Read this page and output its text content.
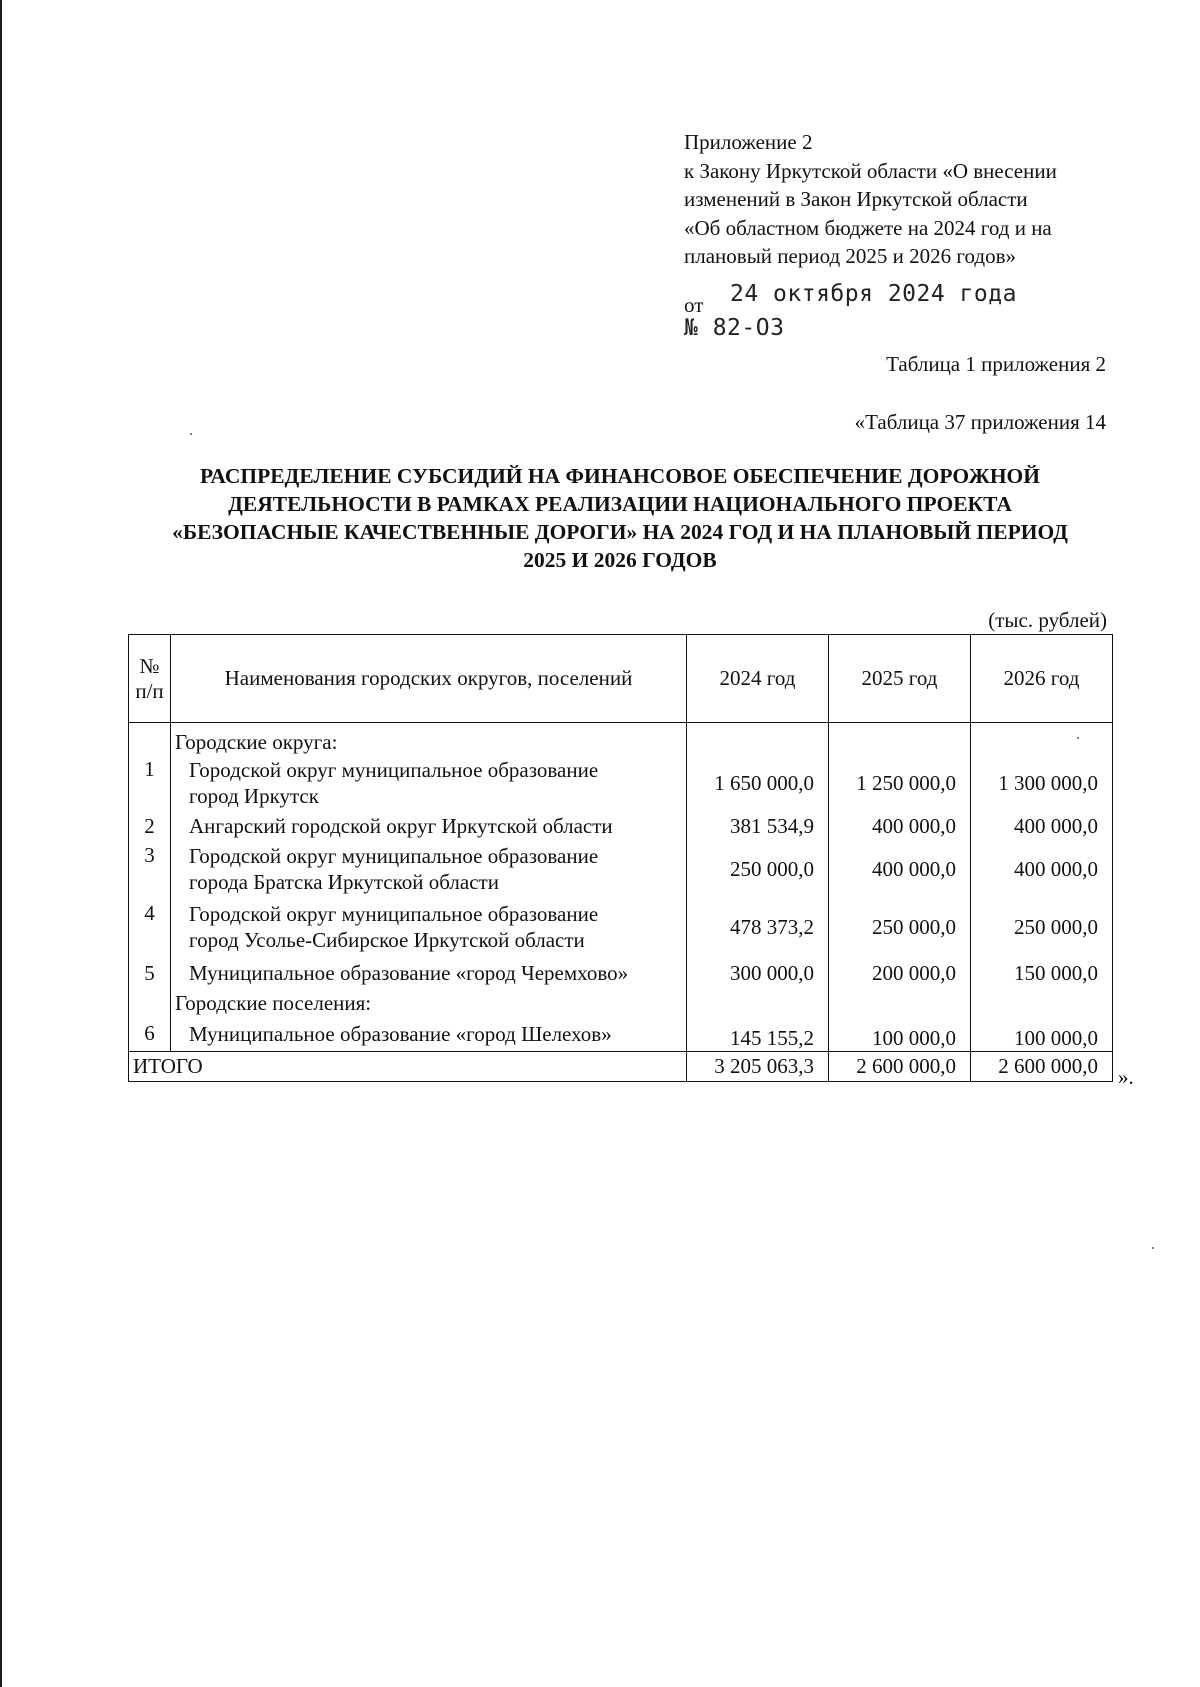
Приложение 2
к Закону Иркутской области «О внесении
изменений в Закон Иркутской области
«Об областном бюджете на 2024 год и на
плановый период 2025 и 2026 годов»
от 24 октября 2024 года
№ 82-ОЗ
Таблица 1 приложения 2
«Таблица 37 приложения 14
РАСПРЕДЕЛЕНИЕ СУБСИДИЙ НА ФИНАНСОВОЕ ОБЕСПЕЧЕНИЕ ДОРОЖНОЙ
ДЕЯТЕЛЬНОСТИ В РАМКАХ РЕАЛИЗАЦИИ НАЦИОНАЛЬНОГО ПРОЕКТА
«БЕЗОПАСНЫЕ КАЧЕСТВЕННЫЕ ДОРОГИ» НА 2024 ГОД И НА ПЛАНОВЫЙ ПЕРИОД
2025 И 2026 ГОДОВ
(тыс. рублей)
№
п/п	Наименования городских округов, поселений	2024 год	2025 год	2026 год
	Городские округа:			
1	Городской округ муниципальное образование
город Иркутск	1 650 000,0	1 250 000,0	1 300 000,0
2	Ангарский городской округ Иркутской области	381 534,9	400 000,0	400 000,0
3	Городской округ муниципальное образование
города Братска Иркутской области	250 000,0	400 000,0	400 000,0
4	Городской округ муниципальное образование
город Усолье-Сибирское Иркутской области	478 373,2	250 000,0	250 000,0
5	Муниципальное образование «город Черемхово»	300 000,0	200 000,0	150 000,0
	Городские поселения:			
6	Муниципальное образование «город Шелехов»	145 155,2	100 000,0	100 000,0
ИТОГО		3 205 063,3	2 600 000,0	2 600 000,0 ».
